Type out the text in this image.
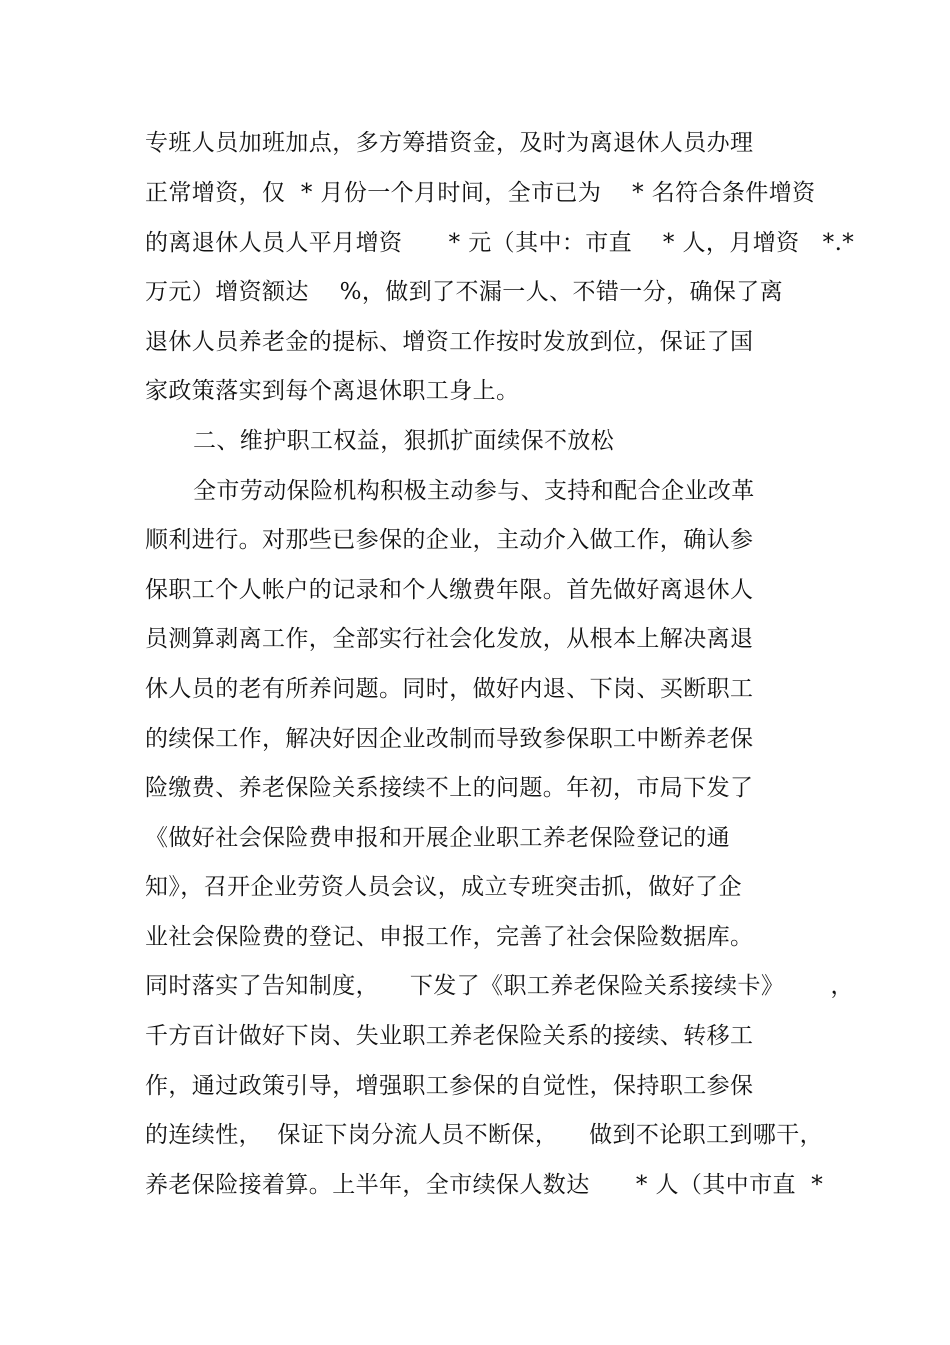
专班人员加班加点，多方筹措资金，及时为离退休人员办理
正常增资，仅  * 月份一个月时间，全市已为    * 名符合条件增资
的离退休人员人平月增资      * 元（其中：市直    * 人，月增资   *.*
万元）增资额达    %，做到了不漏一人、不错一分，确保了离
退休人员养老金的提标、增资工作按时发放到位，保证了国
家政策落实到每个离退休职工身上。
二、维护职工权益，狠抓扩面续保不放松
全市劳动保险机构积极主动参与、支持和配合企业改革
顺利进行。对那些已参保的企业，主动介入做工作，确认参
保职工个人帐户的记录和个人缴费年限。首先做好离退休人
员测算剥离工作，全部实行社会化发放，从根本上解决离退
休人员的老有所养问题。同时，做好内退、下岗、买断职工
的续保工作，解决好因企业改制而导致参保职工中断养老保
险缴费、养老保险关系接续不上的问题。年初，市局下发了
《做好社会保险费申报和开展企业职工养老保险登记的通
知》，召开企业劳资人员会议，成立专班突击抓，做好了企
业社会保险费的登记、申报工作，完善了社会保险数据库。
同时落实了告知制度，    下发了《职工养老保险关系接续卡》      ，
千方百计做好下岗、失业职工养老保险关系的接续、转移工
作，通过政策引导，增强职工参保的自觉性，保持职工参保
的连续性，  保证下岗分流人员不断保，    做到不论职工到哪干，
养老保险接着算。上半年，全市续保人数达      * 人（其中市直  *
